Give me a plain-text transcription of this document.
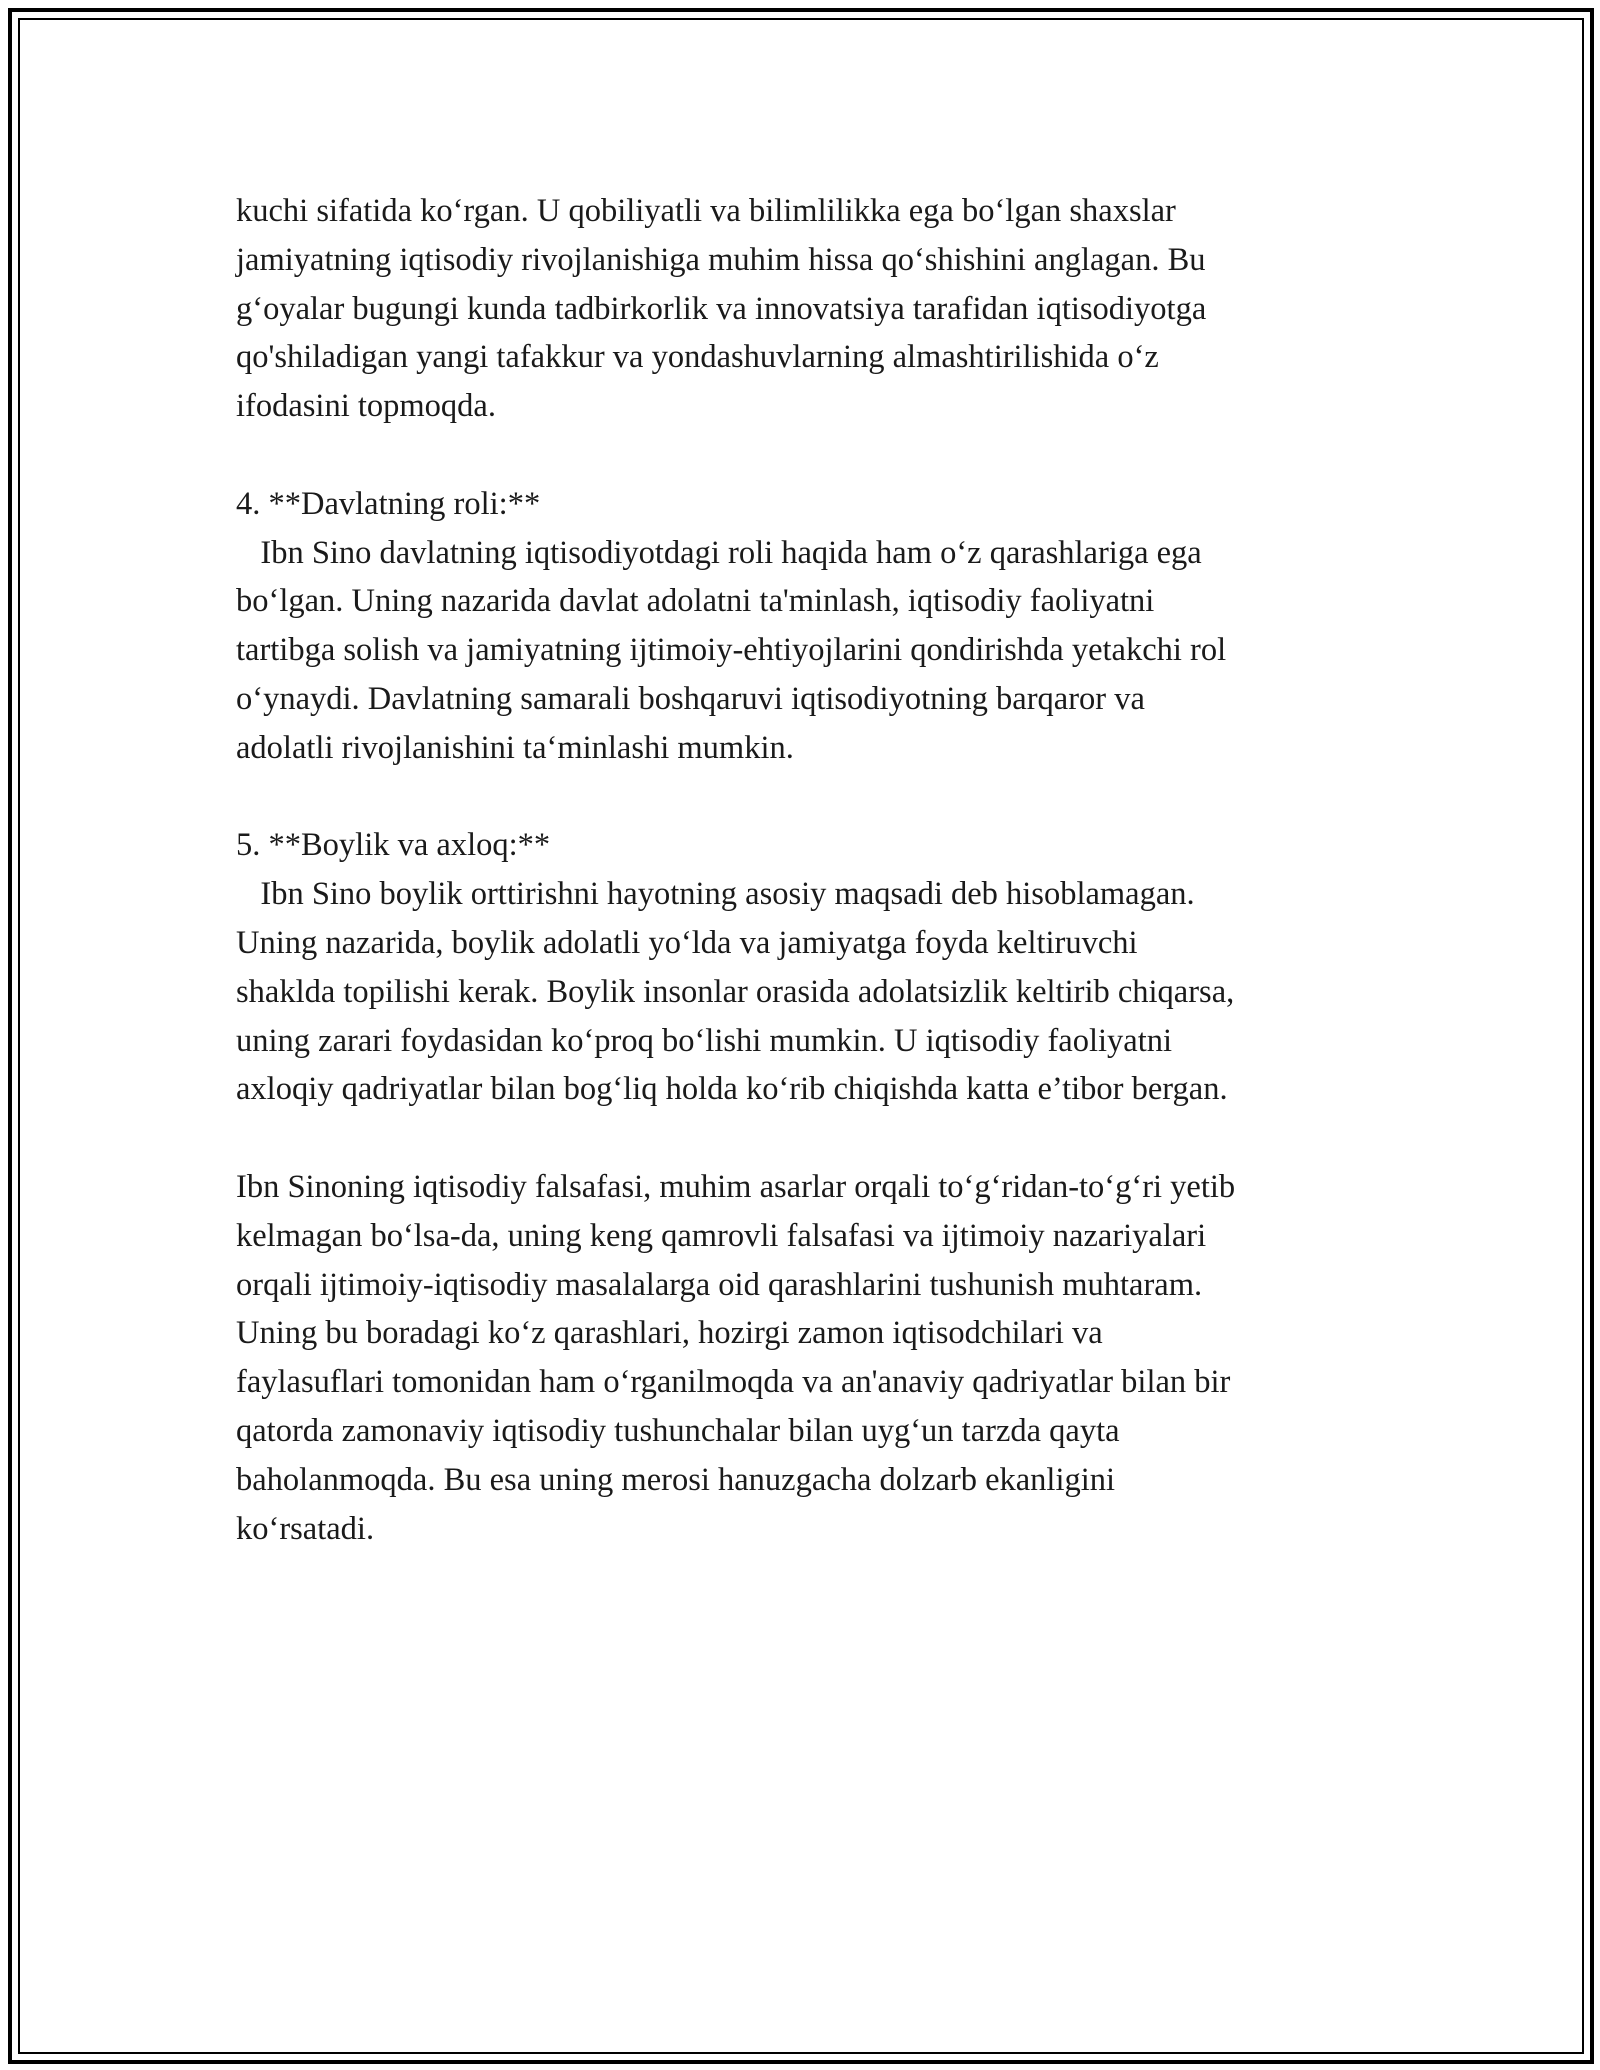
kuchi sifatida ko‘rgan. U qobiliyatli va bilimlilikka ega bo‘lgan shaxslar
jamiyatning iqtisodiy rivojlanishiga muhim hissa qo‘shishini anglagan. Bu
g‘oyalar bugungi kunda tadbirkorlik va innovatsiya tarafidan iqtisodiyotga
qo'shiladigan yangi tafakkur va yondashuvlarning almashtirilishida o‘z
ifodasini topmoqda.
4. **Davlatning roli:**
Ibn Sino davlatning iqtisodiyotdagi roli haqida ham o‘z qarashlariga ega
bo‘lgan. Uning nazarida davlat adolatni ta'minlash, iqtisodiy faoliyatni
tartibga solish va jamiyatning ijtimoiy-ehtiyojlarini qondirishda yetakchi rol
o‘ynaydi. Davlatning samarali boshqaruvi iqtisodiyotning barqaror va
adolatli rivojlanishini ta‘minlashi mumkin.
5. **Boylik va axloq:**
Ibn Sino boylik orttirishni hayotning asosiy maqsadi deb hisoblamagan.
Uning nazarida, boylik adolatli yo‘lda va jamiyatga foyda keltiruvchi
shaklda topilishi kerak. Boylik insonlar orasida adolatsizlik keltirib chiqarsa,
uning zarari foydasidan ko‘proq bo‘lishi mumkin. U iqtisodiy faoliyatni
axloqiy qadriyatlar bilan bog‘liq holda ko‘rib chiqishda katta e’tibor bergan.
Ibn Sinoning iqtisodiy falsafasi, muhim asarlar orqali to‘g‘ridan-to‘g‘ri yetib
kelmagan bo‘lsa-da, uning keng qamrovli falsafasi va ijtimoiy nazariyalari
orqali ijtimoiy-iqtisodiy masalalarga oid qarashlarini tushunish muhtaram.
Uning bu boradagi ko‘z qarashlari, hozirgi zamon iqtisodchilari va
faylasuflari tomonidan ham o‘rganilmoqda va an'anaviy qadriyatlar bilan bir
qatorda zamonaviy iqtisodiy tushunchalar bilan uyg‘un tarzda qayta
baholanmoqda. Bu esa uning merosi hanuzgacha dolzarb ekanligini
ko‘rsatadi.
